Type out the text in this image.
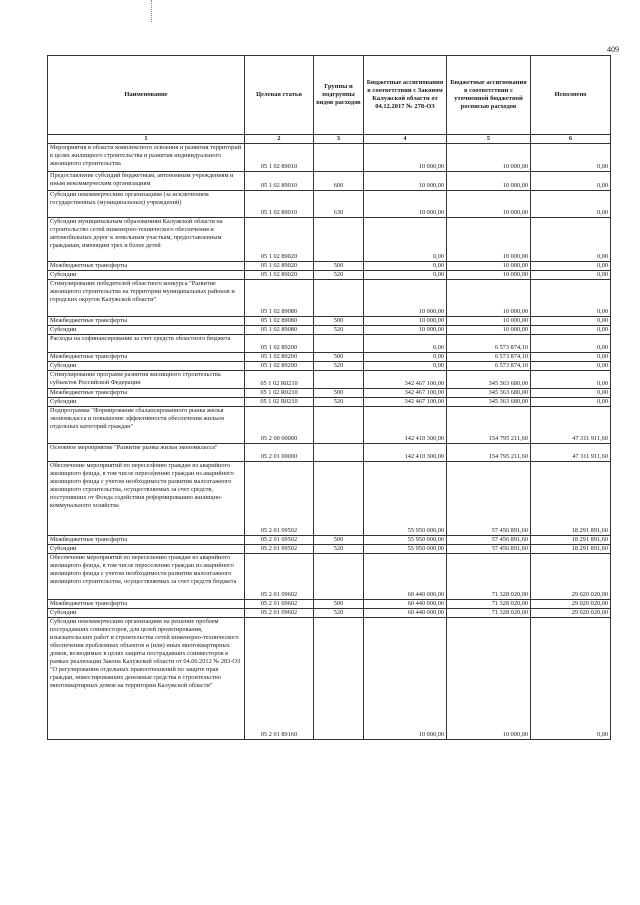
409
Наименование	Целевая статья	Группы и подгруппы видов расходов	Бюджетные ассигнования в соответствии с Законом Калужской области от 04.12.2017 № 278-ОЗ	Бюджетные ассигнования в соответствии с уточненной бюджетной росписью расходов	Исполнено
1	2	3	4	5	6
Мероприятия в области комплексного освоения и развития территорий в целях жилищного строительства и развития индивидуального жилищного строительства	05 1 02 89010		10 000,00	10 000,00	0,00
Предоставление субсидий бюджетным, автономным учреждениям и иным некоммерческим организациям	05 1 02 89010	600	10 000,00	10 000,00	0,00
Субсидии некоммерческим организациям (за исключением государственных (муниципальных) учреждений)	05 1 02 89010	630	10 000,00	10 000,00	0,00
Субсидии муниципальным образованиям Калужской области на строительство сетей инженерно-технического обеспечения и автомобильных дорог к земельным участкам, предоставленным гражданам, имеющим трех и более детей	05 1 02 89020		0,00	10 000,00	0,00
Межбюджетные трансферты	05 1 02 89020	500	0,00	10 000,00	0,00
Субсидии	05 1 02 89020	520	0,00	10 000,00	0,00
Стимулирование победителей областного конкурса "Развитие жилищного строительства на территории муниципальных районов и городских округов Калужской области"	05 1 02 89080		10 000,00	10 000,00	0,00
Межбюджетные трансферты	05 1 02 89080	500	10 000,00	10 000,00	0,00
Субсидии	05 1 02 89080	520	10 000,00	10 000,00	0,00
Расходы на софинансирование за счет средств областного бюджета	05 1 02 89200		0,00	6 573 874,10	0,00
Межбюджетные трансферты	05 1 02 89200	500	0,00	6 573 874,10	0,00
Субсидии	05 1 02 89200	520	0,00	6 573 874,10	0,00
Стимулирование программ развития жилищного строительства субъектов Российской Федерации	05 1 02 R0210		342 467 100,00	345 363 680,00	0,00
Межбюджетные трансферты	05 1 02 R0210	500	342 467 100,00	345 363 680,00	0,00
Субсидии	05 1 02 R0210	520	342 467 100,00	345 363 680,00	0,00
Подпрограмма "Формирование сбалансированного рынка жилья экономкласса и повышение эффективности обеспечения жильем отдельных категорий граждан"	05 2 00 00000		142 410 300,00	154 795 211,60	47 311 911,60
Основное мероприятие "Развитие рынка жилья экономкласса"	05 2 01 00000		142 410 300,00	154 795 211,60	47 311 911,60
Обеспечение мероприятий по переселению граждан из аварийного жилищного фонда, в том числе переселению граждан из аварийного жилищного фонда с учетом необходимости развития малоэтажного жилищного строительства, осуществляемых за счет средств, поступивших от Фонда содействия реформированию жилищно-коммунального хозяйства	05 2 01 09502		55 950 000,00	57 456 891,60	18 291 891,60
Межбюджетные трансферты	05 2 01 09502	500	55 950 000,00	57 456 891,60	18 291 891,60
Субсидии	05 2 01 09502	520	55 950 000,00	57 456 891,60	18 291 891,60
Обеспечение мероприятий по переселению граждан из аварийного жилищного фонда, в том числе переселению граждан из аварийного жилищного фонда с учетом необходимости развития малоэтажного жилищного строительства, осуществляемых за счет средств бюджета	05 2 01 09602		60 440 000,00	71 328 020,00	29 020 020,00
Межбюджетные трансферты	05 2 01 09602	500	60 440 000,00	71 328 020,00	29 020 020,00
Субсидии	05 2 01 09602	520	60 440 000,00	71 328 020,00	29 020 020,00
Субсидии некоммерческим организациям на решение проблем пострадавших соинвесторов, для целей проектирования, изыскательских работ и строительства сетей инженерно-технического обеспечения проблемных объектов и (или) иных многоквартирных домов, возводимых в целях защиты пострадавших соинвесторов в рамках реализации Закона Калужской области от 04.06.2012 № 283-ОЗ "О регулировании отдельных правоотношений по защите прав граждан, инвестировавших денежные средства в строительство многоквартирных домов на территории Калужской области"	05 2 01 89160		10 000,00	10 000,00	0,00
